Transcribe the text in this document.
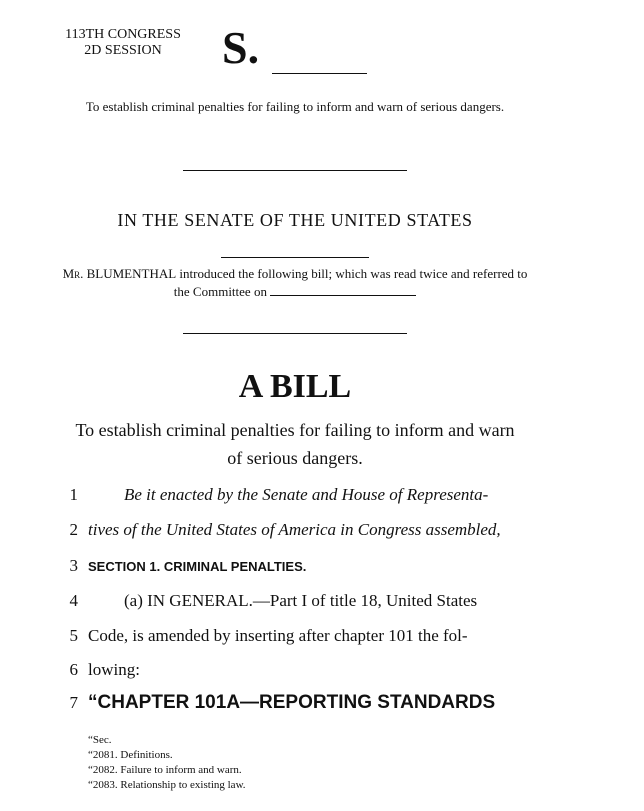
113TH CONGRESS
2D SESSION	S.
To establish criminal penalties for failing to inform and warn of serious dangers.
IN THE SENATE OF THE UNITED STATES
Mr. BLUMENTHAL introduced the following bill; which was read twice and referred to the Committee on
A BILL
To establish criminal penalties for failing to inform and warn of serious dangers.
1	Be it enacted by the Senate and House of Representa-
2 tives of the United States of America in Congress assembled,
3 SECTION 1. CRIMINAL PENALTIES.
4	(a) IN GENERAL.—Part I of title 18, United States
5 Code, is amended by inserting after chapter 101 the fol-
6 lowing:
7 “CHAPTER 101A—REPORTING STANDARDS
“Sec.
“2081. Definitions.
“2082. Failure to inform and warn.
“2083. Relationship to existing law.
